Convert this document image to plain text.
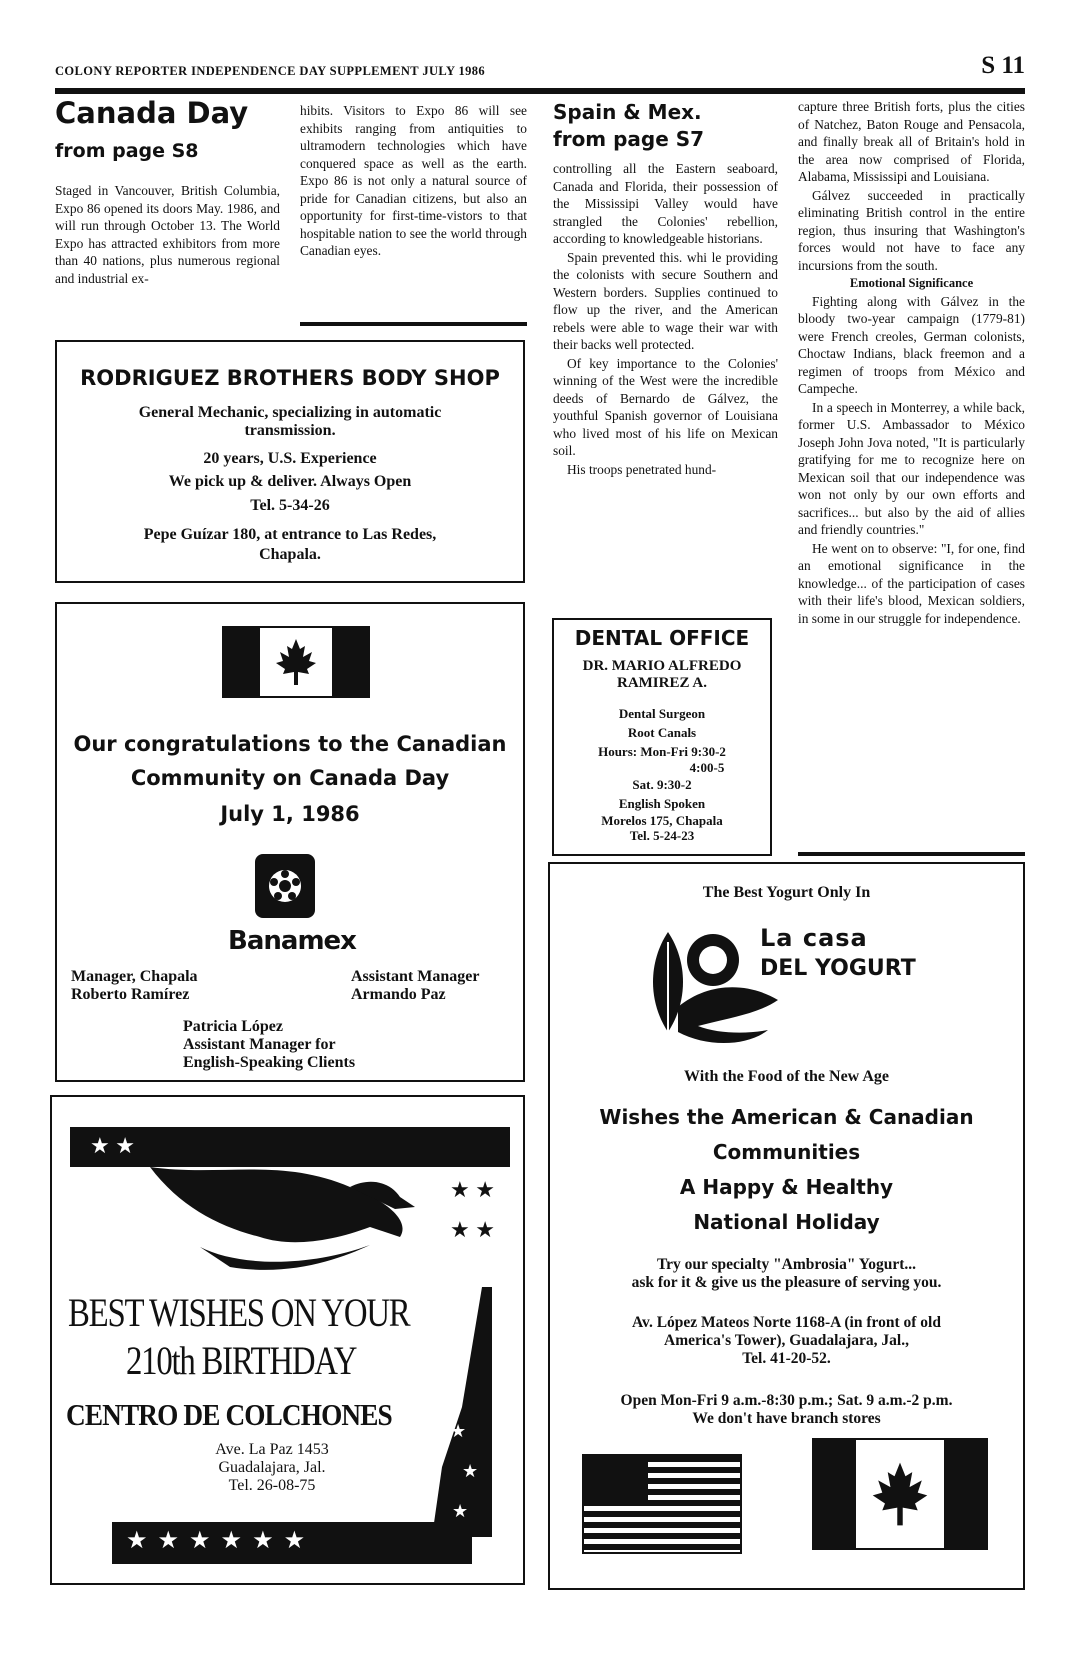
COLONY REPORTER INDEPENDENCE DAY SUPPLEMENT JULY 1986	S 11
Canada Day
from page S8

Staged in Vancouver, British Columbia, Expo 86 opened its doors May. 1986, and will run through October 13. The World Expo has attracted exhibitors from more than 40 nations, plus numerous regional and industrial ex-

hibits. Visitors to Expo 86 will see exhibits ranging from antiquities to ultramodern technologies which have conquered space as well as the earth. Expo 86 is not only a natural source of pride for Canadian citizens, but also an opportunity for first-time-vistors to that hospitable nation to see the world through Canadian eyes.

RODRIGUEZ BROTHERS BODY SHOP
General Mechanic, specializing in automatic transmission.
20 years, U.S. Experience
We pick up & deliver. Always Open
Tel. 5-34-26
Pepe Guízar 180, at entrance to Las Redes, Chapala.
Our congratulations to the Canadian
Community on Canada Day
July 1, 1986
Banamex
Manager, Chapala
Roberto Ramírez
Assistant Manager
Armando Paz
Patricia López
Assistant Manager for
English-Speaking Clients
★ ★
★ ★
★ ★
BEST WISHES ON YOUR
210th BIRTHDAY
CENTRO DE COLCHONES
Ave. La Paz 1453
Guadalajara, Jal.
Tel. 26-08-75
★
★
★
★★★★★★
Spain & Mex.
from page S7

controlling all the Eastern seaboard, Canada and Florida, their possession of the Mississipi Valley would have strangled the Colonies' rebellion, according to knowledgeable historians.

Spain prevented this. whi le providing the colonists with secure Southern and Western borders. Supplies continued to flow up the river, and the American rebels were able to wage their war with their backs well protected.

Of key importance to the Colonies' winning of the West were the incredible deeds of Bernardo de Gálvez, the youthful Spanish governor of Louisiana who lived most of his life on Mexican soil.

His troops penetrated hund-

capture three British forts, plus the cities of Natchez, Baton Rouge and Pensacola, and finally break all of Britain's hold in the area now comprised of Florida, Alabama, Mississipi and Louisiana.

Gálvez succeeded in practically eliminating British control in the entire region, thus insuring that Washington's forces would not have to face any incursions from the south.

Emotional Significance

Fighting along with Gálvez in the bloody two-year campaign (1779-81) were French creoles, German colonists, Choctaw Indians, black freemon and a regimen of troops from México and Campeche.

In a speech in Monterrey, a while back, former U.S. Ambassador to México Joseph John Jova noted, "It is particularly gratifying for me to recognize here on Mexican soil that our independence was won not only by our own efforts and sacrifices... but also by the aid of allies and friendly countries."

He went on to observe: "I, for one, find an emotional significance in the knowledge... of the participation of cases with their life's blood, Mexican soldiers, in some in our struggle for independence.

DENTAL OFFICE
DR. MARIO ALFREDO
RAMIREZ A.
Dental Surgeon
Root Canals
Hours: Mon-Fri 9:30-2
4:00-5
Sat. 9:30-2
English Spoken
Morelos 175, Chapala
Tel. 5-24-23
The Best Yogurt Only In
La casa
DEL YOGURT
With the Food of the New Age
Wishes the American & Canadian
Communities
A Happy & Healthy
National Holiday
Try our specialty "Ambrosia" Yogurt...
ask for it & give us the pleasure of serving you.
Av. López Mateos Norte 1168-A (in front of old
America's Tower), Guadalajara, Jal.,
Tel. 41-20-52.
Open Mon-Fri 9 a.m.-8:30 p.m.; Sat. 9 a.m.-2 p.m.
We don't have branch stores
